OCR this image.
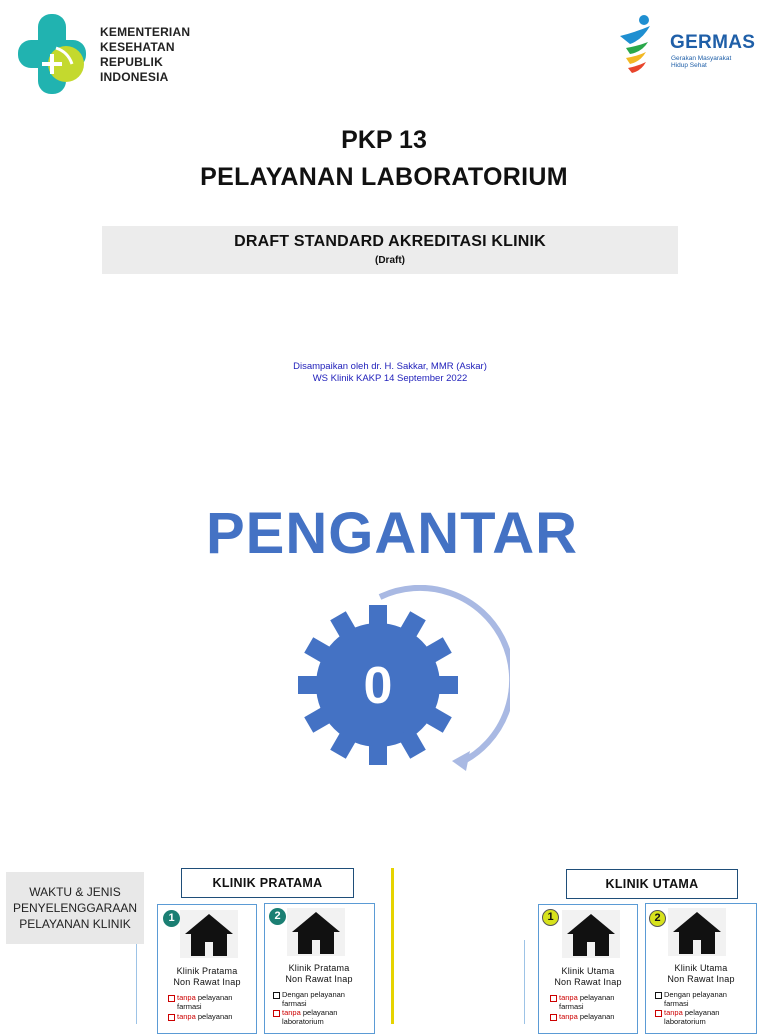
KEMENTERIAN
KESEHATAN
REPUBLIK
INDONESIA
GERMAS
Gerakan Masyarakat
Hidup Sehat
PKP 13
PELAYANAN LABORATORIUM
DRAFT STANDARD AKREDITASI KLINIK
(Draft)
Disampaikan oleh dr. H. Sakkar, MMR (Askar)
WS Klinik KAKP 14 September 2022
PENGANTAR
0
WAKTU & JENIS
PENYELENGGARAAN
PELAYANAN KLINIK
KLINIK PRATAMA	KLINIK UTAMA
1
Klinik Pratama
Non Rawat Inap
tanpa pelayanan
farmasi
tanpa pelayanan
2
Klinik Pratama
Non Rawat Inap
Dengan pelayanan
farmasi
tanpa pelayanan
laboratorium
1
Klinik Utama
Non Rawat Inap
tanpa pelayanan
farmasi
tanpa pelayanan
2
Klinik Utama
Non Rawat Inap
Dengan pelayanan
farmasi
tanpa pelayanan
laboratorium
